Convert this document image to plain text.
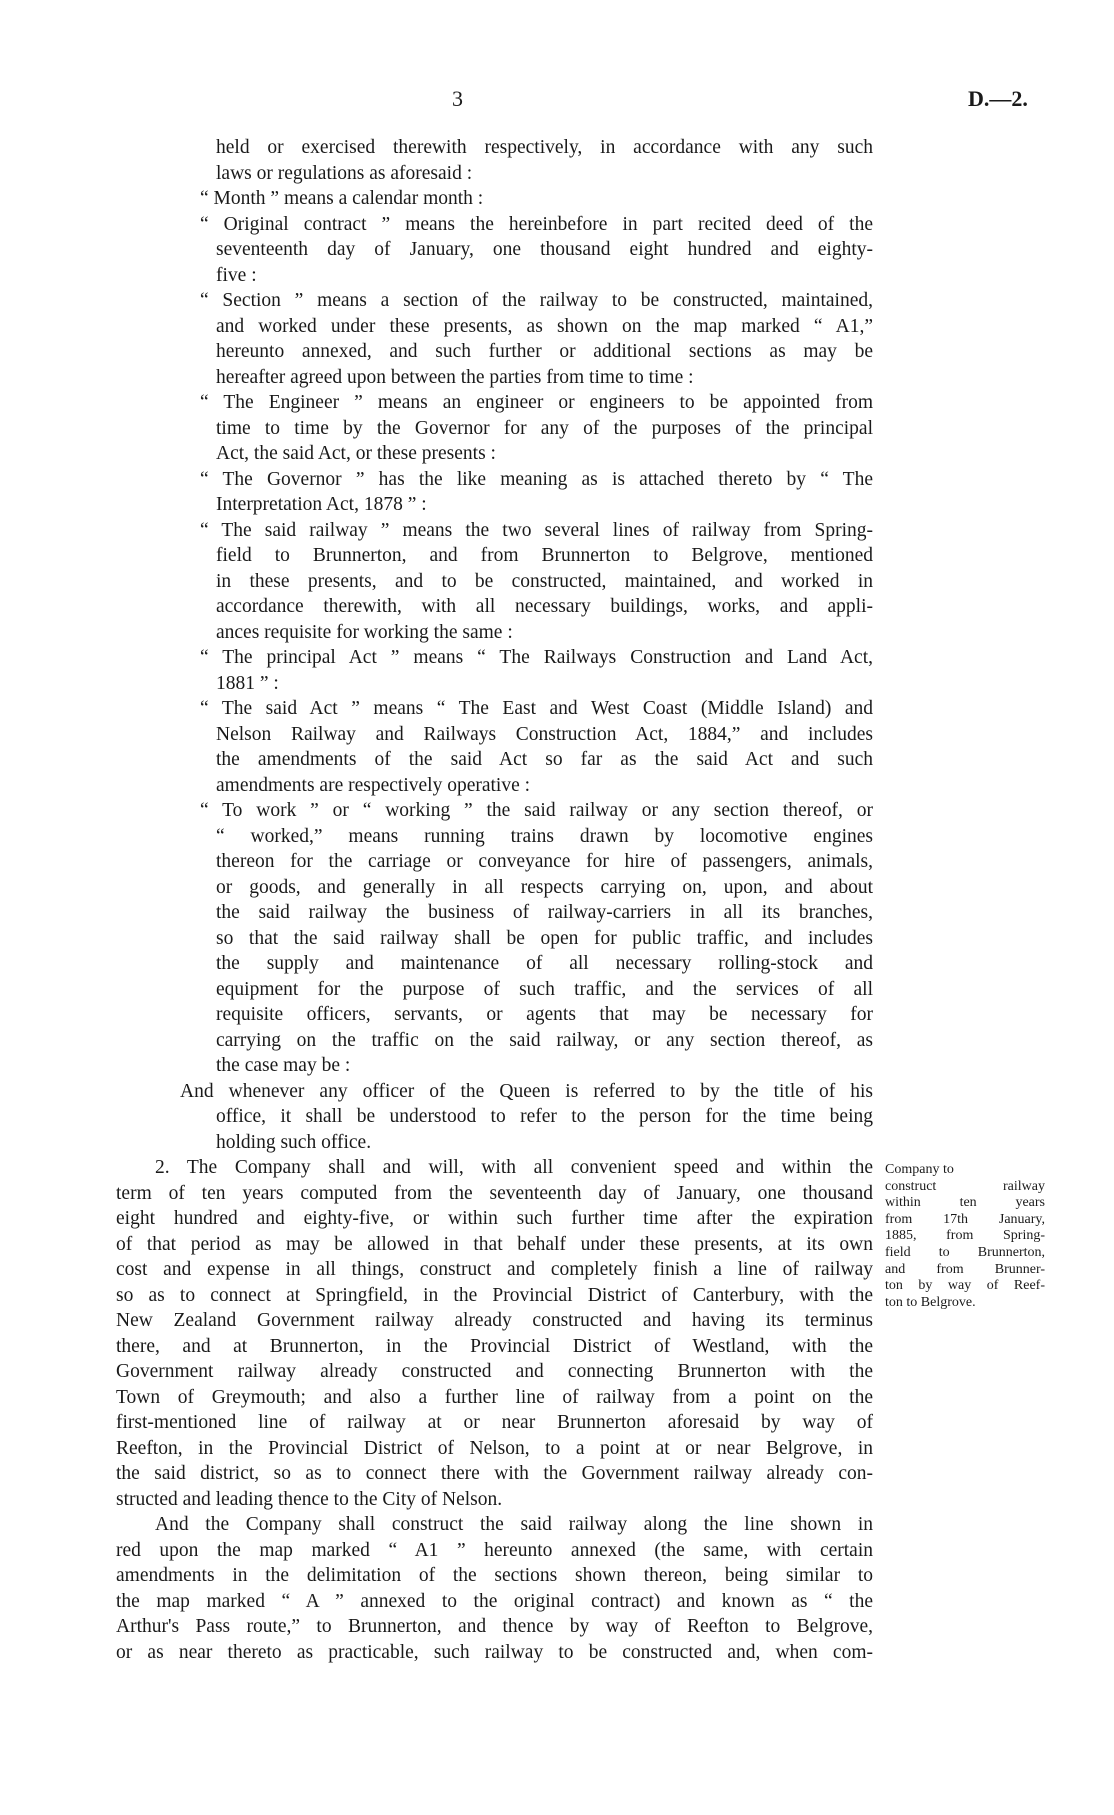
3	D.—2.
held or exercised therewith respectively, in accordance with any such
laws or regulations as aforesaid :
“ Month ” means a calendar month :
“ Original contract ” means the hereinbefore in part recited deed of the
seventeenth day of January, one thousand eight hundred and eighty-
five :
“ Section ” means a section of the railway to be constructed, maintained,
and worked under these presents, as shown on the map marked “ A1,”
hereunto annexed, and such further or additional sections as may be
hereafter agreed upon between the parties from time to time :
“ The Engineer ” means an engineer or engineers to be appointed from
time to time by the Governor for any of the purposes of the principal
Act, the said Act, or these presents :
“ The Governor ” has the like meaning as is attached thereto by “ The
Interpretation Act, 1878 ” :
“ The said railway ” means the two several lines of railway from Spring-
field to Brunnerton, and from Brunnerton to Belgrove, mentioned
in these presents, and to be constructed, maintained, and worked in
accordance therewith, with all necessary buildings, works, and appli-
ances requisite for working the same :
“ The principal Act ” means “ The Railways Construction and Land Act,
1881 ” :
“ The said Act ” means “ The East and West Coast (Middle Island) and
Nelson Railway and Railways Construction Act, 1884,” and includes
the amendments of the said Act so far as the said Act and such
amendments are respectively operative :
“ To work ” or “ working ” the said railway or any section thereof, or
“ worked,” means running trains drawn by locomotive engines
thereon for the carriage or conveyance for hire of passengers, animals,
or goods, and generally in all respects carrying on, upon, and about
the said railway the business of railway-carriers in all its branches,
so that the said railway shall be open for public traffic, and includes
the supply and maintenance of all necessary rolling-stock and
equipment for the purpose of such traffic, and the services of all
requisite officers, servants, or agents that may be necessary for
carrying on the traffic on the said railway, or any section thereof, as
the case may be :
And whenever any officer of the Queen is referred to by the title of his
office, it shall be understood to refer to the person for the time being
holding such office.
2. The Company shall and will, with all convenient speed and within the
term of ten years computed from the seventeenth day of January, one thousand
eight hundred and eighty-five, or within such further time after the expiration
of that period as may be allowed in that behalf under these presents, at its own
cost and expense in all things, construct and completely finish a line of railway
so as to connect at Springfield, in the Provincial District of Canterbury, with the
New Zealand Government railway already constructed and having its terminus
there, and at Brunnerton, in the Provincial District of Westland, with the
Government railway already constructed and connecting Brunnerton with the
Town of Greymouth; and also a further line of railway from a point on the
first-mentioned line of railway at or near Brunnerton aforesaid by way of
Reefton, in the Provincial District of Nelson, to a point at or near Belgrove, in
the said district, so as to connect there with the Government railway already con-
structed and leading thence to the City of Nelson.
And the Company shall construct the said railway along the line shown in
red upon the map marked “ A1 ” hereunto annexed (the same, with certain
amendments in the delimitation of the sections shown thereon, being similar to
the map marked “ A ” annexed to the original contract) and known as “ the
Arthur's Pass route,” to Brunnerton, and thence by way of Reefton to Belgrove,
or as near thereto as practicable, such railway to be constructed and, when com-
Company to
construct railway
within ten years
from 17th January,
1885, from Spring-
field to Brunnerton,
and from Brunner-
ton by way of Reef-
ton to Belgrove.
